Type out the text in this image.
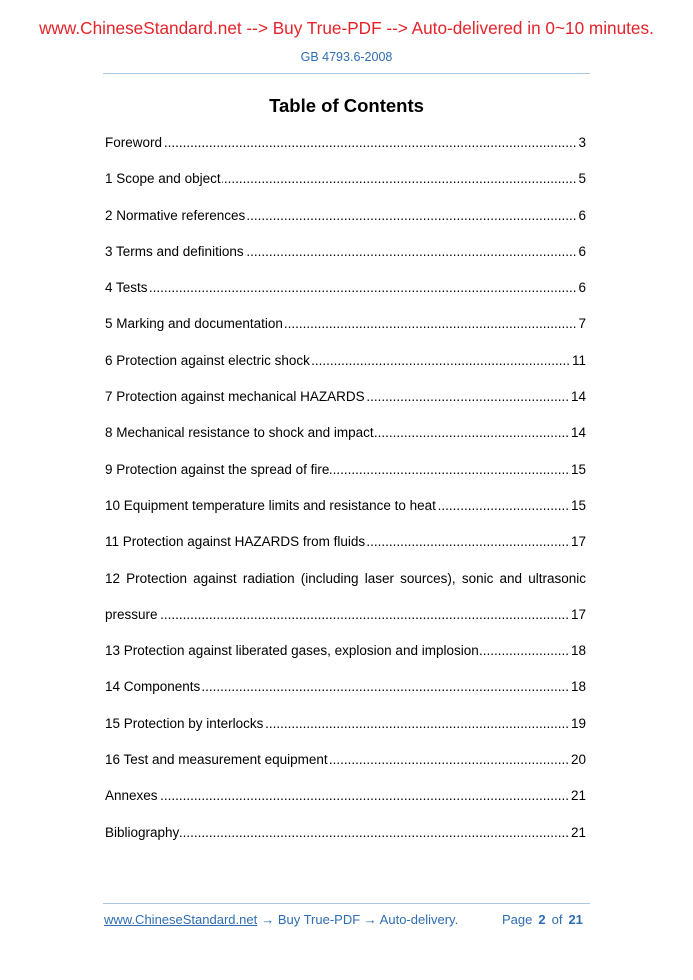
www.ChineseStandard.net --> Buy True-PDF --> Auto-delivered in 0~10 minutes.
GB 4793.6-2008
Table of Contents
Foreword .....	3
1 Scope and object .....	5
2 Normative references .....	6
3 Terms and definitions .....	6
4 Tests .....	6
5 Marking and documentation .....	7
6 Protection against electric shock .....	11
7 Protection against mechanical HAZARDS .....	14
8 Mechanical resistance to shock and impact .....	14
9 Protection against the spread of fire .....	15
10 Equipment temperature limits and resistance to heat .....	15
11 Protection against HAZARDS from fluids .....	17
12 Protection against radiation (including laser sources), sonic and ultrasonic
pressure .....	17
13 Protection against liberated gases, explosion and implosion .....	18
14 Components .....	18
15 Protection by interlocks .....	19
16 Test and measurement equipment .....	20
Annexes .....	21
Bibliography .....	21
www.ChineseStandard.net → Buy True-PDF → Auto-delivery.	Page 2 of 21
